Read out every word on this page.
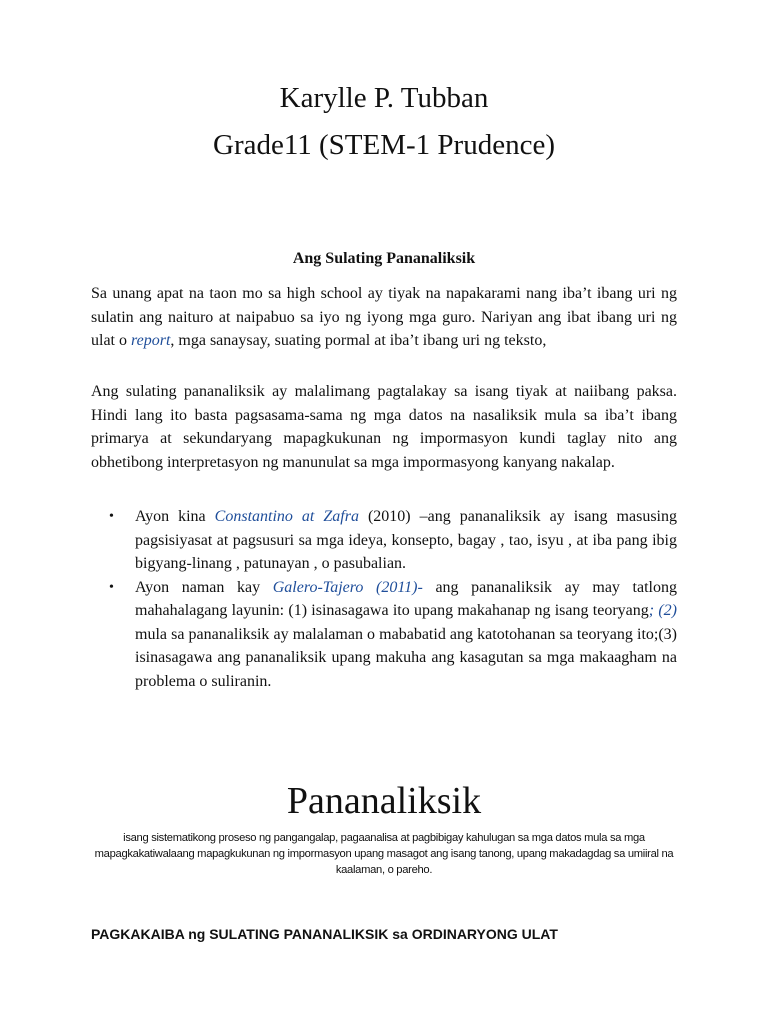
Karylle P. Tubban
Grade11 (STEM-1 Prudence)
Ang Sulating Pananaliksik

Sa unang apat na taon mo sa high school ay tiyak na napakarami nang iba’t ibang uri ng sulatin ang naituro at naipabuo sa iyo ng iyong mga guro. Nariyan ang ibat ibang uri ng ulat o report, mga sanaysay, suating pormal at iba’t ibang uri ng teksto,

Ang sulating pananaliksik ay malalimang pagtalakay sa isang tiyak at naiibang paksa. Hindi lang ito basta pagsasama-sama ng mga datos na nasaliksik mula sa iba’t ibang primarya at sekundaryang mapagkukunan ng impormasyon kundi taglay nito ang obhetibong interpretasyon ng manunulat sa mga impormasyong kanyang nakalap.

• Ayon kina Constantino at Zafra (2010) –ang pananaliksik ay isang masusing pagsisiyasat at pagsusuri sa mga ideya, konsepto, bagay , tao, isyu , at iba pang ibig bigyang-linang , patunayan , o pasubalian.
• Ayon naman kay Galero-Tajero (2011)- ang pananaliksik ay may tatlong mahahalagang layunin: (1) isinasagawa ito upang makahanap ng isang teoryang; (2) mula sa pananaliksik ay malalaman o mababatid ang katotohanan sa teoryang ito;(3) isinasagawa ang pananaliksik upang makuha ang kasagutan sa mga makaagham na problema o suliranin.
Pananaliksik
isang sistematikong proseso ng pangangalap, pagaanalisa at pagbibigay kahulugan sa mga datos mula sa mga mapagkakatiwalaang mapagkukunan ng impormasyon upang masagot ang isang tanong, upang makadagdag sa umiiral na kaalaman, o pareho.
PAGKAKAIBA ng SULATING PANANALIKSIK sa ORDINARYONG ULAT
